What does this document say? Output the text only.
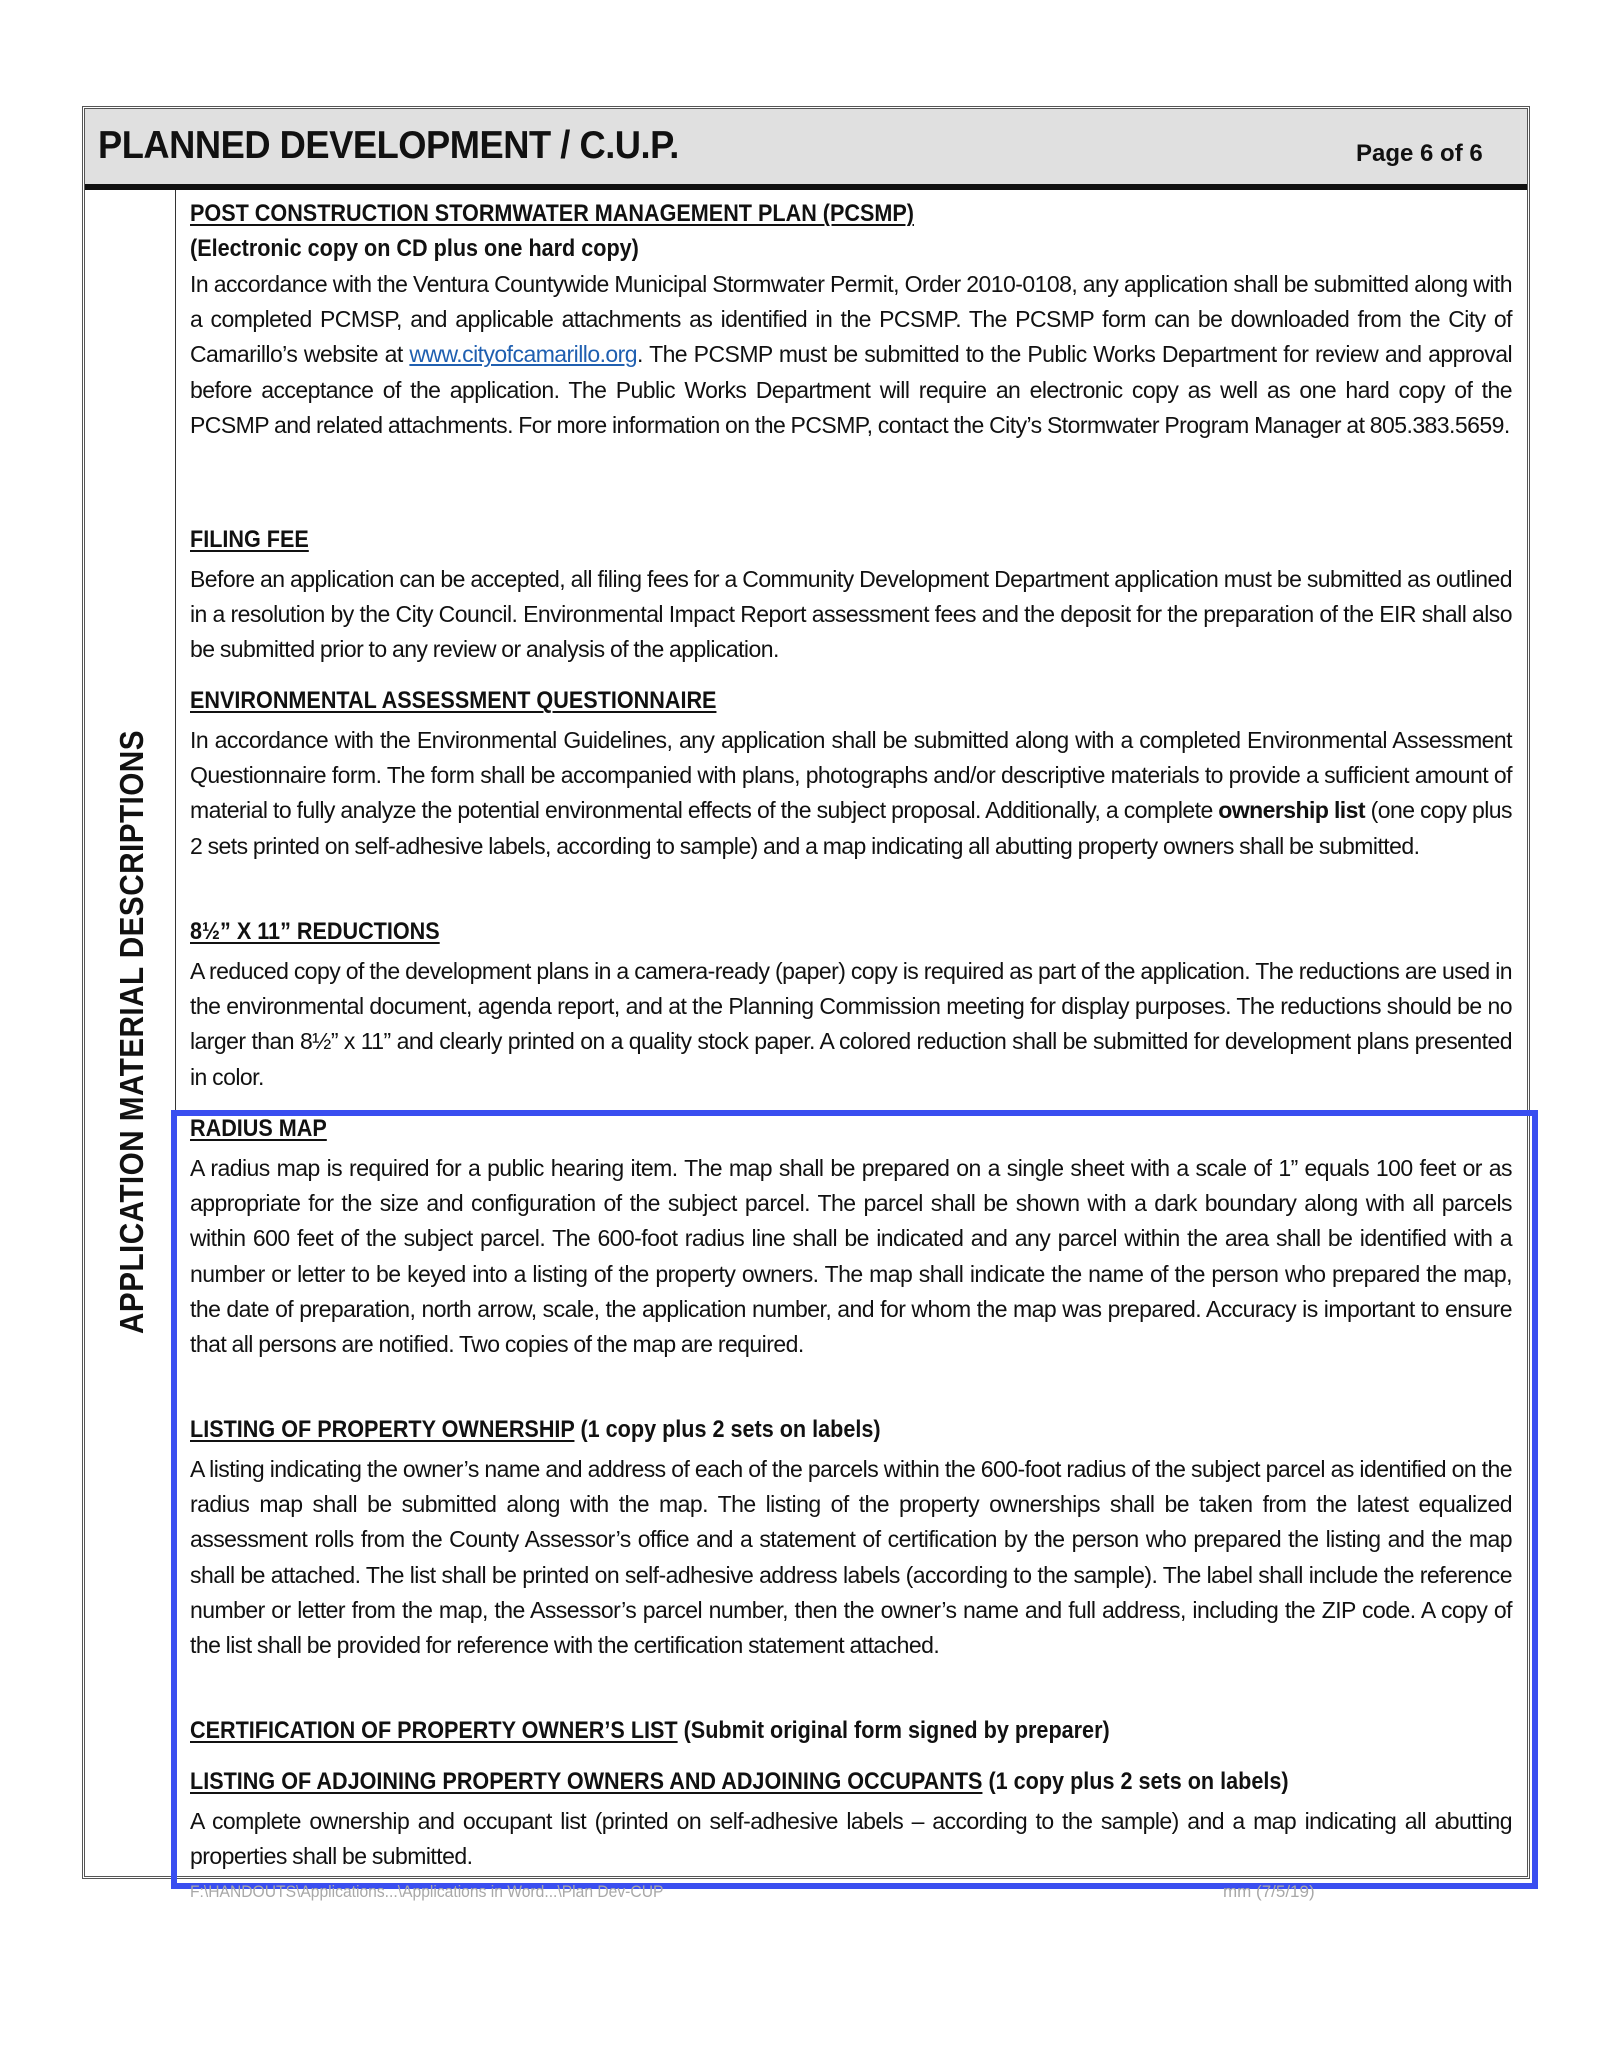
PLANNED DEVELOPMENT / C.U.P.	Page 6 of 6
APPLICATION MATERIAL DESCRIPTIONS
POST CONSTRUCTION STORMWATER MANAGEMENT PLAN (PCSMP)
(Electronic copy on CD plus one hard copy)
In accordance with the Ventura Countywide Municipal Stormwater Permit, Order 2010-0108, any application shall be submitted along with a completed PCMSP, and applicable attachments as identified in the PCSMP. The PCSMP form can be downloaded from the City of Camarillo’s website at www.cityofcamarillo.org. The PCSMP must be submitted to the Public Works Department for review and approval before acceptance of the application. The Public Works Department will require an electronic copy as well as one hard copy of the PCSMP and related attachments. For more information on the PCSMP, contact the City’s Stormwater Program Manager at 805.383.5659.
FILING FEE
Before an application can be accepted, all filing fees for a Community Development Department application must be submitted as outlined in a resolution by the City Council. Environmental Impact Report assessment fees and the deposit for the preparation of the EIR shall also be submitted prior to any review or analysis of the application.
ENVIRONMENTAL ASSESSMENT QUESTIONNAIRE
In accordance with the Environmental Guidelines, any application shall be submitted along with a completed Environmental Assessment Questionnaire form. The form shall be accompanied with plans, photographs and/or descriptive materials to provide a sufficient amount of material to fully analyze the potential environmental effects of the subject proposal. Additionally, a complete ownership list (one copy plus 2 sets printed on self-adhesive labels, according to sample) and a map indicating all abutting property owners shall be submitted.
8½” X 11” REDUCTIONS
A reduced copy of the development plans in a camera-ready (paper) copy is required as part of the application. The reductions are used in the environmental document, agenda report, and at the Planning Commission meeting for display purposes. The reductions should be no larger than 8½” x 11” and clearly printed on a quality stock paper. A colored reduction shall be submitted for development plans presented in color.
RADIUS MAP
A radius map is required for a public hearing item. The map shall be prepared on a single sheet with a scale of 1” equals 100 feet or as appropriate for the size and configuration of the subject parcel. The parcel shall be shown with a dark boundary along with all parcels within 600 feet of the subject parcel. The 600-foot radius line shall be indicated and any parcel within the area shall be identified with a number or letter to be keyed into a listing of the property owners. The map shall indicate the name of the person who prepared the map, the date of preparation, north arrow, scale, the application number, and for whom the map was prepared. Accuracy is important to ensure that all persons are notified. Two copies of the map are required.
LISTING OF PROPERTY OWNERSHIP (1 copy plus 2 sets on labels)
A listing indicating the owner’s name and address of each of the parcels within the 600-foot radius of the subject parcel as identified on the radius map shall be submitted along with the map. The listing of the property ownerships shall be taken from the latest equalized assessment rolls from the County Assessor’s office and a statement of certification by the person who prepared the listing and the map shall be attached. The list shall be printed on self-adhesive address labels (according to the sample). The label shall include the reference number or letter from the map, the Assessor’s parcel number, then the owner’s name and full address, including the ZIP code. A copy of the list shall be provided for reference with the certification statement attached.
CERTIFICATION OF PROPERTY OWNER’S LIST (Submit original form signed by preparer)
LISTING OF ADJOINING PROPERTY OWNERS AND ADJOINING OCCUPANTS (1 copy plus 2 sets on labels)
A complete ownership and occupant list (printed on self-adhesive labels – according to the sample) and a map indicating all abutting properties shall be submitted.
F:\HANDOUTS\Applications...\Applications in Word...\Plan Dev-CUP	mm (7/5/19)
